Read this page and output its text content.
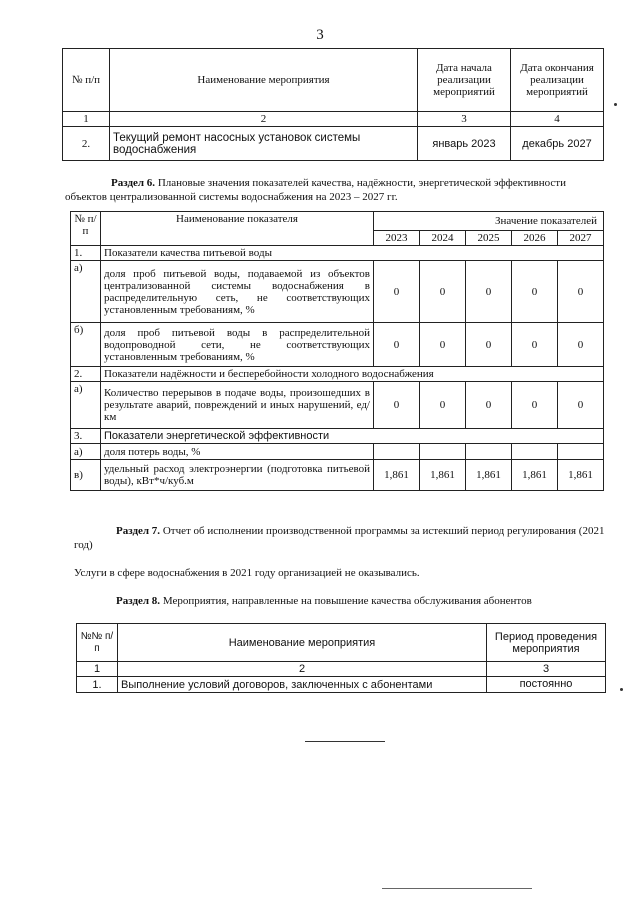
3
№ п/п	Наименование мероприятия	Дата начала реализации мероприятий	Дата окончания реализации мероприятий
1	2	3	4
2.	Текущий ремонт насосных установок системы водоснабжения	январь 2023	декабрь 2027
Раздел 6. Плановые значения показателей качества, надёжности, энергетической эффективности объектов централизованной системы водоснабжения на 2023 – 2027 гг.
№ п/п	Наименование показателя	Значение показателей				
		2023	2024	2025	2026	2027
1.	Показатели качества питьевой воды					
а)	доля проб питьевой воды, подаваемой из объектов централизованной системы водоснабжения в распределительную сеть, не соответствующих установленным требованиям, %	0	0	0	0	0
б)	доля проб питьевой воды в распределительной водопроводной сети, не соответствующих установленным требованиям, %	0	0	0	0	0
2.	Показатели надёжности и бесперебойности холодного водоснабжения					
а)	Количество перерывов в подаче воды, произошедших в результате аварий, повреждений и иных нарушений, ед/км	0	0	0	0	0
3.	Показатели энергетической эффективности					
а)	доля потерь воды, %					
в)	удельный расход электроэнергии (подготовка питьевой воды), кВт*ч/куб.м	1,861	1,861	1,861	1,861	1,861
Раздел 7. Отчет об исполнении производственной программы за истекший период регулирования (2021 год)
Услуги в сфере водоснабжения в 2021 году организацией не оказывались.
Раздел 8. Мероприятия, направленные на повышение качества обслуживания абонентов
№№ п/п	Наименование мероприятия	Период проведения мероприятия
1	2	3
1.	Выполнение условий договоров, заключенных с абонентами	постоянно
